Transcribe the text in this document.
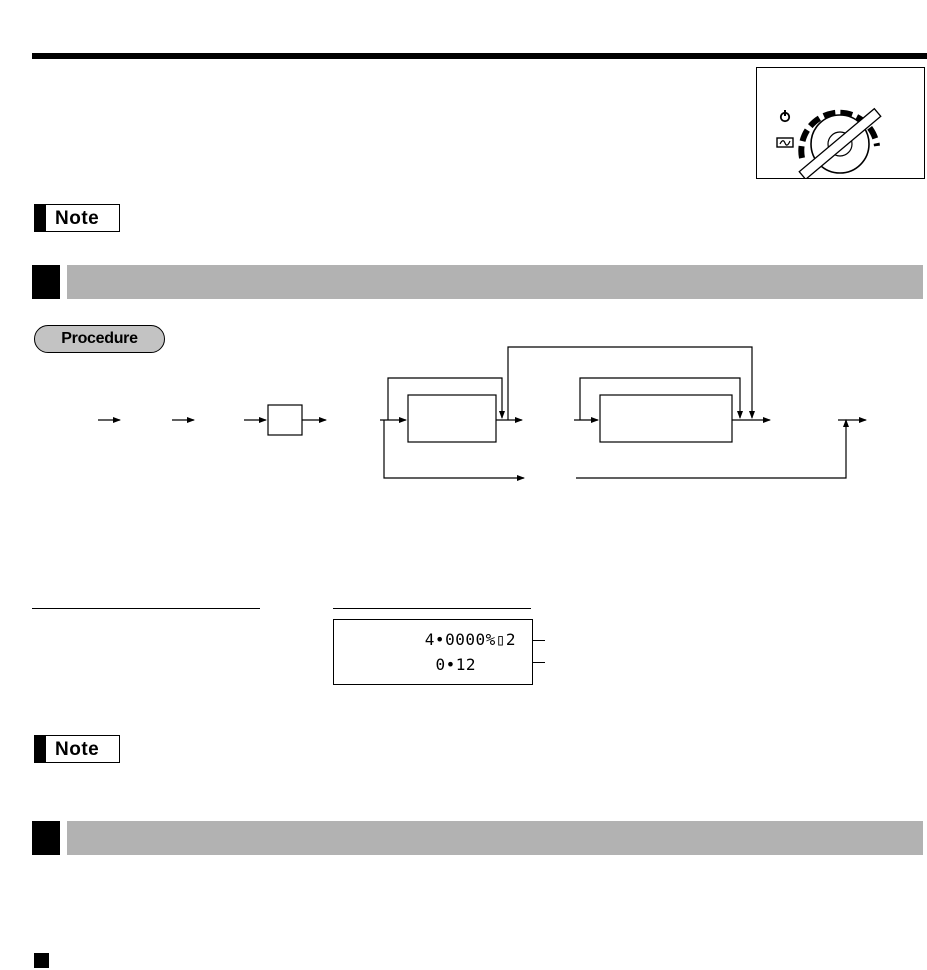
Note
Procedure
4•0000%▯2
0•12
Note
